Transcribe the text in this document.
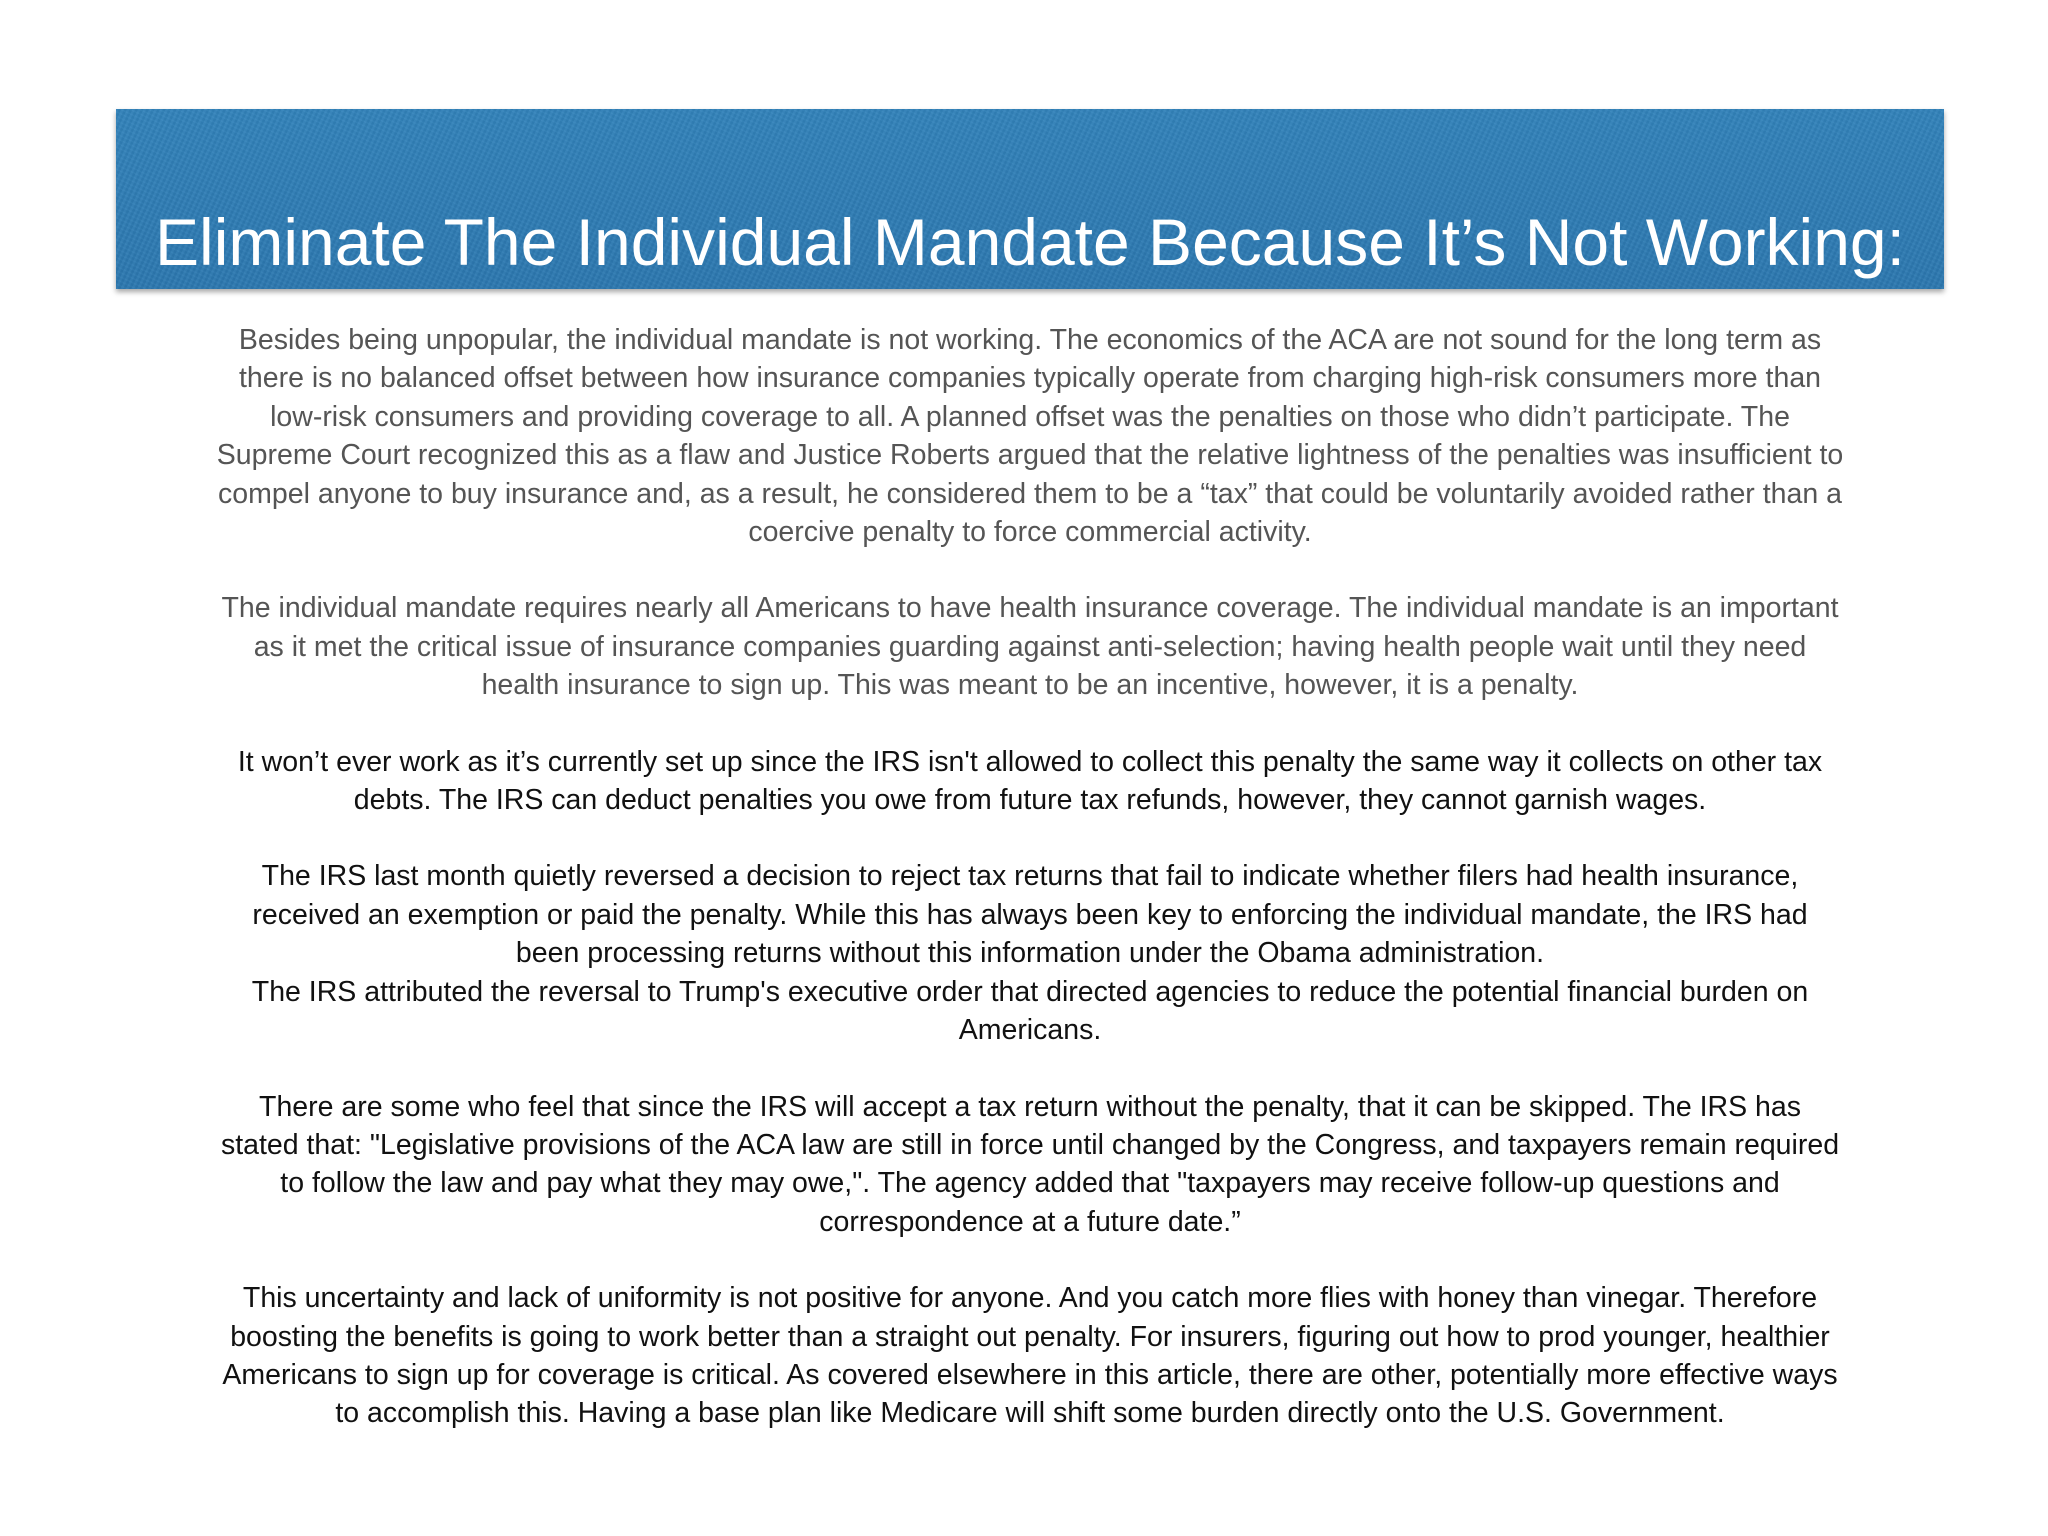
Eliminate The Individual Mandate Because It’s Not Working:

Besides being unpopular, the individual mandate is not working. The economics of the ACA are not sound for the long term as
there is no balanced offset between how insurance companies typically operate from charging high-risk consumers more than
low-risk consumers and providing coverage to all. A planned offset was the penalties on those who didn’t participate. The
Supreme Court recognized this as a flaw and Justice Roberts argued that the relative lightness of the penalties was insufficient to
compel anyone to buy insurance and, as a result, he considered them to be a “tax” that could be voluntarily avoided rather than a
coercive penalty to force commercial activity.

The individual mandate requires nearly all Americans to have health insurance coverage. The individual mandate is an important
as it met the critical issue of insurance companies guarding against anti-selection; having health people wait until they need
health insurance to sign up. This was meant to be an incentive, however, it is a penalty.

It won’t ever work as it’s currently set up since the IRS isn't allowed to collect this penalty the same way it collects on other tax
debts. The IRS can deduct penalties you owe from future tax refunds, however, they cannot garnish wages.

The IRS last month quietly reversed a decision to reject tax returns that fail to indicate whether filers had health insurance,
received an exemption or paid the penalty. While this has always been key to enforcing the individual mandate, the IRS had
been processing returns without this information under the Obama administration.
The IRS attributed the reversal to Trump's executive order that directed agencies to reduce the potential financial burden on
Americans.

There are some who feel that since the IRS will accept a tax return without the penalty, that it can be skipped. The IRS has
stated that: "Legislative provisions of the ACA law are still in force until changed by the Congress, and taxpayers remain required
to follow the law and pay what they may owe,". The agency added that "taxpayers may receive follow-up questions and
correspondence at a future date.”

This uncertainty and lack of uniformity is not positive for anyone. And you catch more flies with honey than vinegar. Therefore
boosting the benefits is going to work better than a straight out penalty. For insurers, figuring out how to prod younger, healthier
Americans to sign up for coverage is critical. As covered elsewhere in this article, there are other, potentially more effective ways
to accomplish this. Having a base plan like Medicare will shift some burden directly onto the U.S. Government.
